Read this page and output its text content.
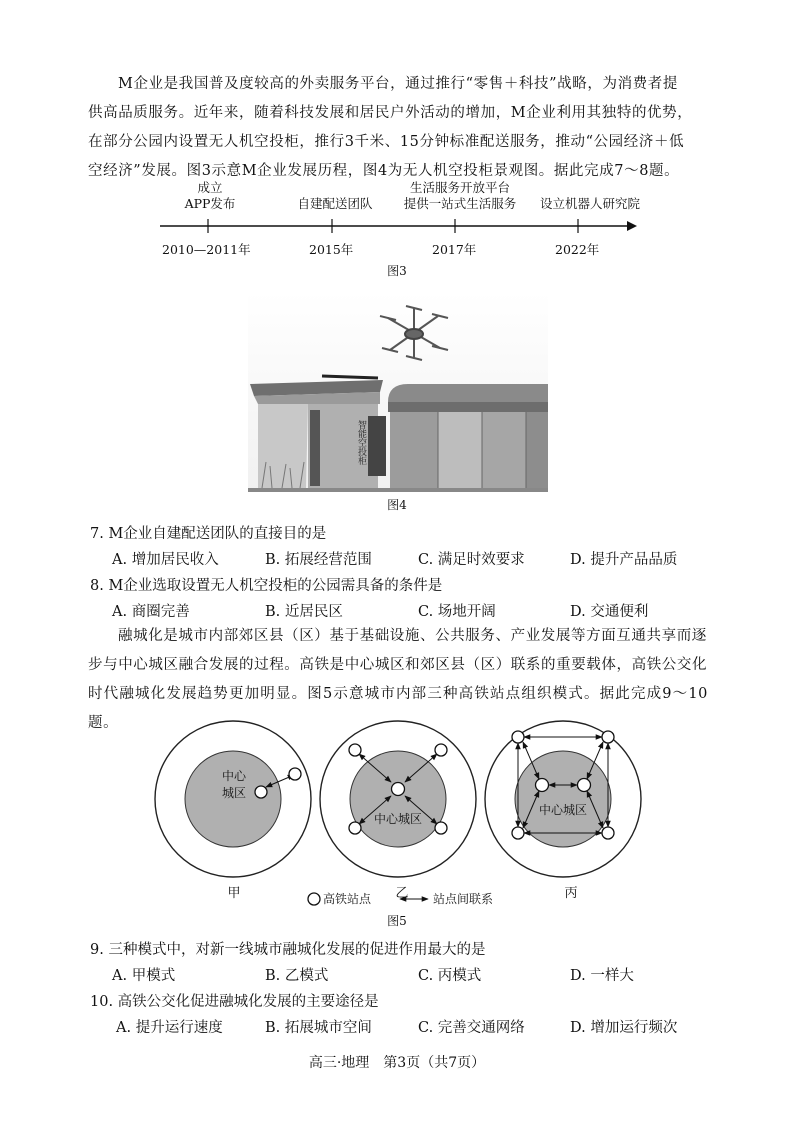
M企业是我国普及度较高的外卖服务平台，通过推行“零售＋科技”战略，为消费者提
供高品质服务。近年来，随着科技发展和居民户外活动的增加，M企业利用其独特的优势，
在部分公园内设置无人机空投柜，推行3千米、15分钟标准配送服务，推动“公园经济＋低
空经济”发展。图3示意M企业发展历程，图4为无人机空投柜景观图。据此完成7～8题。
成立
APP发布	自建配送团队
生活服务开放平台
提供一站式生活服务	设立机器人研究院
2010—2011年	2015年	2017年	2022年
图3
智能空投柜
图4
7. M企业自建配送团队的直接目的是
A. 增加居民收入	B. 拓展经营范围	C. 满足时效要求	D. 提升产品品质
8. M企业选取设置无人机空投柜的公园需具备的条件是
A. 商圈完善	B. 近居民区	C. 场地开阔	D. 交通便利
融城化是城市内部郊区县（区）基于基础设施、公共服务、产业发展等方面互通共享而逐
步与中心城区融合发展的过程。高铁是中心城区和郊区县（区）联系的重要载体，高铁公交化
时代融城化发展趋势更加明显。图5示意城市内部三种高铁站点组织模式。据此完成9～10题。
中心
城区
中心城区
中心城区
甲	乙	丙
高铁站点	站点间联系
图5
9. 三种模式中，对新一线城市融城化发展的促进作用最大的是
A. 甲模式	B. 乙模式	C. 丙模式	D. 一样大
10. 高铁公交化促进融城化发展的主要途径是
A. 提升运行速度	B. 拓展城市空间	C. 完善交通网络	D. 增加运行频次
高三·地理　第3页（共7页）
